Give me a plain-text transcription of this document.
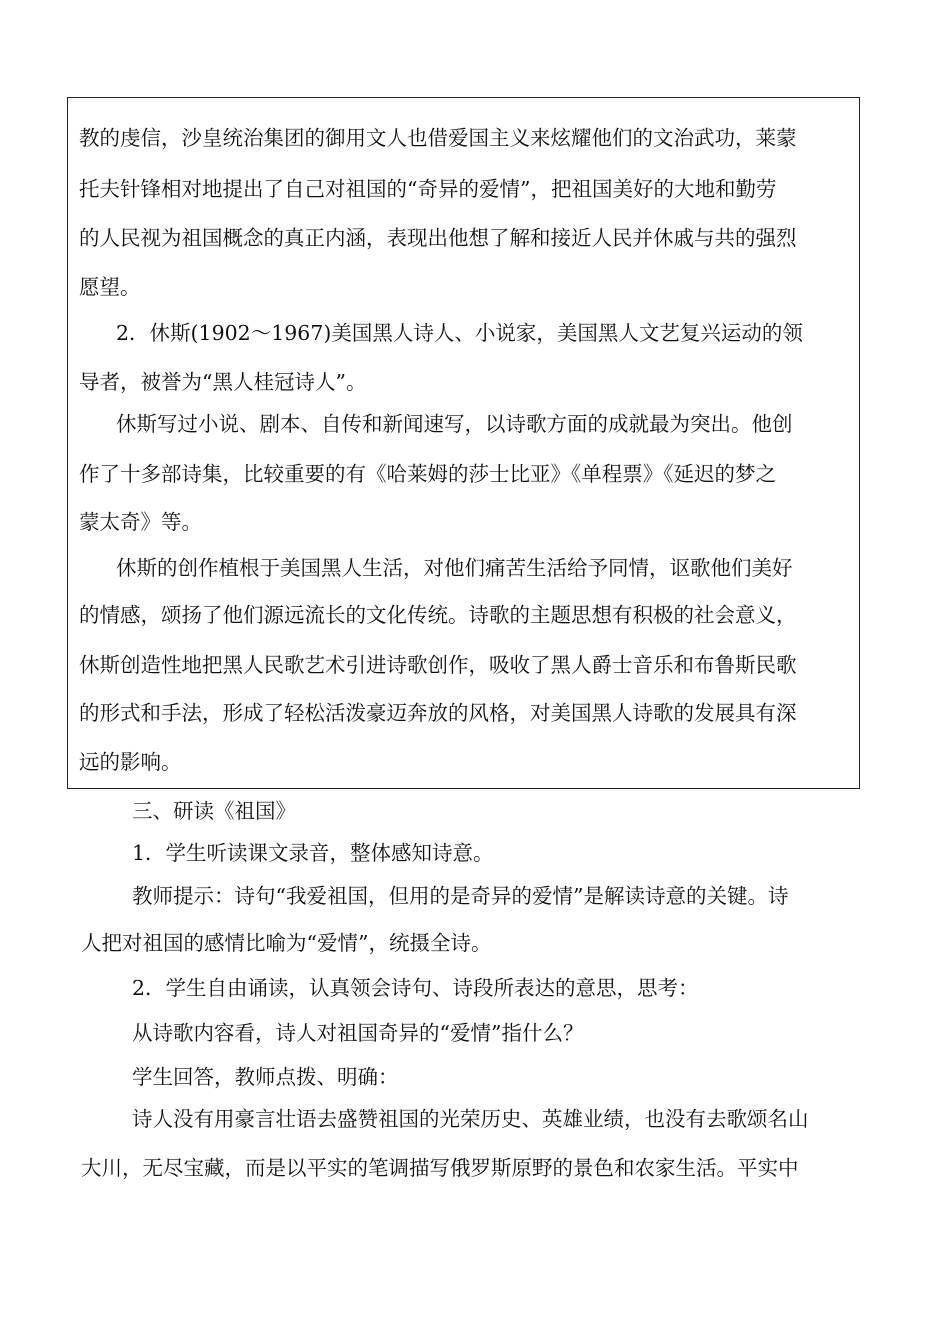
教的虔信，沙皇统治集团的御用文人也借爱国主义来炫耀他们的文治武功，莱蒙
托夫针锋相对地提出了自己对祖国的“奇异的爱情”，把祖国美好的大地和勤劳
的人民视为祖国概念的真正内涵，表现出他想了解和接近人民并休戚与共的强烈
愿望。
2．休斯(1902～1967)美国黑人诗人、小说家，美国黑人文艺复兴运动的领
导者，被誉为“黑人桂冠诗人”。
休斯写过小说、剧本、自传和新闻速写，以诗歌方面的成就最为突出。他创
作了十多部诗集，比较重要的有《哈莱姆的莎士比亚》《单程票》《延迟的梦之
蒙太奇》等。
休斯的创作植根于美国黑人生活，对他们痛苦生活给予同情，讴歌他们美好
的情感，颂扬了他们源远流长的文化传统。诗歌的主题思想有积极的社会意义，
休斯创造性地把黑人民歌艺术引进诗歌创作，吸收了黑人爵士音乐和布鲁斯民歌
的形式和手法，形成了轻松活泼豪迈奔放的风格，对美国黑人诗歌的发展具有深
远的影响。
三、研读《祖国》
1．学生听读课文录音，整体感知诗意。
教师提示：诗句“我爱祖国，但用的是奇异的爱情”是解读诗意的关键。诗
人把对祖国的感情比喻为“爱情”，统摄全诗。
2．学生自由诵读，认真领会诗句、诗段所表达的意思，思考：
从诗歌内容看，诗人对祖国奇异的“爱情”指什么？
学生回答，教师点拨、明确：
诗人没有用豪言壮语去盛赞祖国的光荣历史、英雄业绩，也没有去歌颂名山
大川，无尽宝藏，而是以平实的笔调描写俄罗斯原野的景色和农家生活。平实中
